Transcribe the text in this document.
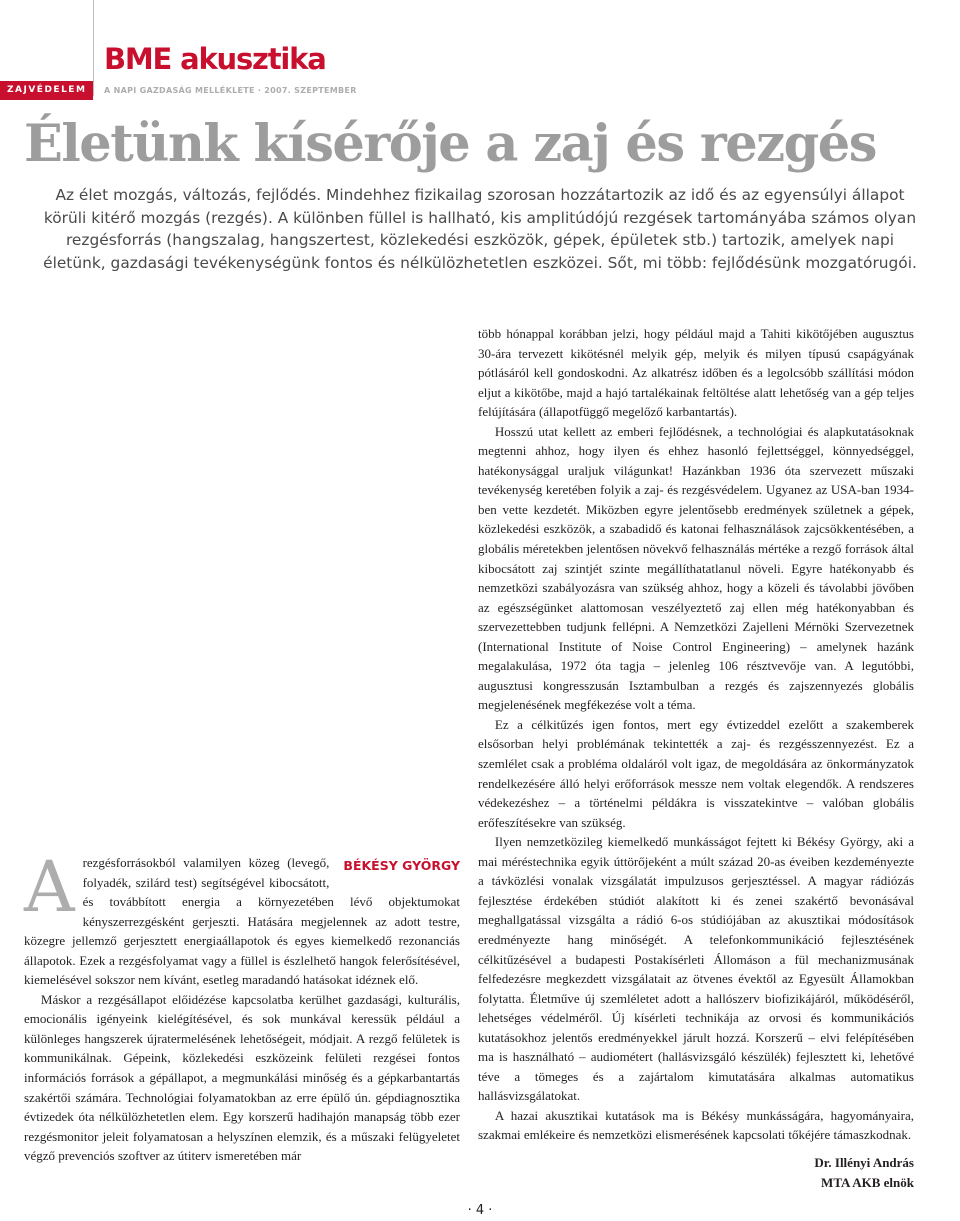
ZAJVÉDELEM
BME akusztika
A NAPI GAZDASÁG MELLÉKLETE · 2007. SZEPTEMBER
Életünk kísérője a zaj és rezgés
Az élet mozgás, változás, fejlődés. Mindehhez fizikailag szorosan hozzátartozik az idő és az egyensúlyi állapot körüli kitérő mozgás (rezgés). A különben füllel is hallható, kis amplitúdójú rezgések tartományába számos olyan rezgésforrás (hangszalag, hangszertest, közlekedési eszközök, gépek, épületek stb.) tartozik, amelyek napi életünk, gazdasági tevékenységünk fontos és nélkülözhetetlen eszközei. Sőt, mi több: fejlődésünk mozgatórugói.
BÉKÉSY GYÖRGY
A rezgésforrásokból valamilyen közeg (levegő, folyadék, szilárd test) segítségével kibocsátott, és továbbított energia a környezetében lévő objektumokat kényszerrezgésként gerjeszti. Hatására megjelennek az adott testre, közegre jellemző gerjesztett energiaállapotok és egyes kiemelkedő rezonanciás állapotok. Ezek a rezgésfolyamat vagy a füllel is észlelhető hangok felerősítésével, kiemelésével sokszor nem kívánt, esetleg maradandó hatásokat idéznek elő.

Máskor a rezgésállapot előidézése kapcsolatba kerülhet gazdasági, kulturális, emocionális igényeink kielégítésével, és sok munkával keressük például a különleges hangszerek újratermelésének lehetőségeit, módjait. A rezgő felületek is kommunikálnak. Gépeink, közlekedési eszközeink felületi rezgései fontos információs források a gépállapot, a megmunkálási minőség és a gépkarbantartás szakértői számára. Technológiai folyamatokban az erre épülő ún. gépdiagnosztika évtizedek óta nélkülözhetetlen elem. Egy korszerű hadihajón manapság több ezer rezgésmonitor jeleit folyamatosan a helyszínen elemzik, és a műszaki felügyeletet végző prevenciós szoftver az útiterv ismeretében már

több hónappal korábban jelzi, hogy például majd a Tahiti kikötőjében augusztus 30-ára tervezett kikötésnél melyik gép, melyik és milyen típusú csapágyának pótlásáról kell gondoskodni. Az alkatrész időben és a legolcsóbb szállítási módon eljut a kikötőbe, majd a hajó tartalékainak feltöltése alatt lehetőség van a gép teljes felújítására (állapotfüggő megelőző karbantartás).

Hosszú utat kellett az emberi fejlődésnek, a technológiai és alapkutatásoknak megtenni ahhoz, hogy ilyen és ehhez hasonló fejlettséggel, könnyedséggel, hatékonysággal uraljuk világunkat! Hazánkban 1936 óta szervezett műszaki tevékenység keretében folyik a zaj- és rezgésvédelem. Ugyanez az USA-ban 1934-ben vette kezdetét. Miközben egyre jelentősebb eredmények születnek a gépek, közlekedési eszközök, a szabadidő és katonai felhasználások zajcsökkentésében, a globális méretekben jelentősen növekvő felhasználás mértéke a rezgő források által kibocsátott zaj szintjét szinte megállíthatatlanul növeli. Egyre hatékonyabb és nemzetközi szabályozásra van szükség ahhoz, hogy a közeli és távolabbi jövőben az egészségünket alattomosan veszélyeztető zaj ellen még hatékonyabban és szervezettebben tudjunk fellépni. A Nemzetközi Zajelleni Mérnöki Szervezetnek (International Institute of Noise Control Engineering) – amelynek hazánk megalakulása, 1972 óta tagja – jelenleg 106 résztvevője van. A legutóbbi, augusztusi kongresszusán Isztambulban a rezgés és zajszennyezés globális megjelenésének megfékezése volt a téma.

Ez a célkitűzés igen fontos, mert egy évtizeddel ezelőtt a szakemberek elsősorban helyi problémának tekintették a zaj- és rezgésszennyezést. Ez a szemlélet csak a probléma oldaláról volt igaz, de megoldására az önkormányzatok rendelkezésére álló helyi erőforrások messze nem voltak elegendők. A rendszeres védekezéshez – a történelmi példákra is visszatekintve – valóban globális erőfeszítésekre van szükség.

Ilyen nemzetközileg kiemelkedő munkásságot fejtett ki Békésy György, aki a mai méréstechnika egyik úttörőjeként a múlt század 20-as éveiben kezdeményezte a távközlési vonalak vizsgálatát impulzusos gerjesztéssel. A magyar rádiózás fejlesztése érdekében stúdiót alakított ki és zenei szakértő bevonásával meghallgatással vizsgálta a rádió 6-os stúdiójában az akusztikai módosítások eredményezte hang minőségét. A telefonkommunikáció fejlesztésének célkitűzésével a budapesti Postakísérleti Állomáson a fül mechanizmusának felfedezésre megkezdett vizsgálatait az ötvenes évektől az Egyesült Államokban folytatta. Életműve új szemléletet adott a hallószerv biofizikájáról, működéséről, lehetséges védelméről. Új kísérleti technikája az orvosi és kommunikációs kutatásokhoz jelentős eredményekkel járult hozzá. Korszerű – elvi felépítésében ma is használható – audiométert (hallásvizsgáló készülék) fejlesztett ki, lehetővé téve a tömeges és a zajártalom kimutatására alkalmas automatikus hallásvizsgálatokat.

A hazai akusztikai kutatások ma is Békésy munkásságára, hagyományaira, szakmai emlékeire és nemzetközi elismerésének kapcsolati tőkéjére támaszkodnak.

Dr. Illényi András
MTA AKB elnök
· 4 ·
